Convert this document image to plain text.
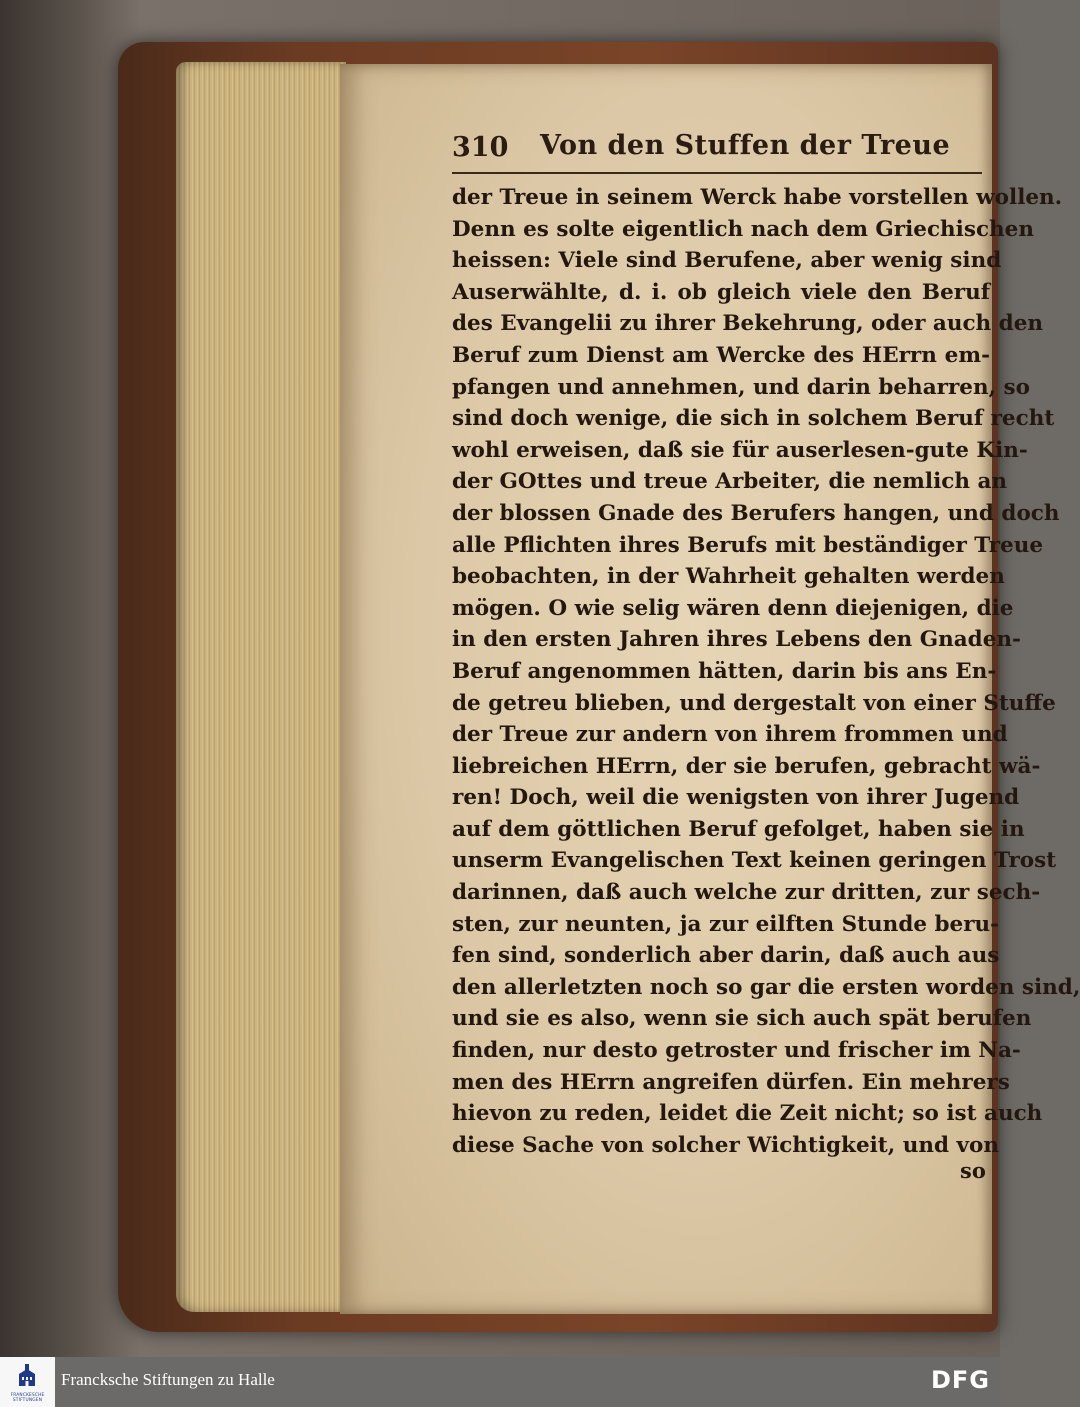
310 Von den Stuffen der Treue
der Treue in seinem Werck habe vorstellen wollen.
Denn es solte eigentlich nach dem Griechischen
heissen: Viele sind Berufene, aber wenig sind
Auserwählte, d. i. ob gleich viele den Beruf
des Evangelii zu ihrer Bekehrung, oder auch den
Beruf zum Dienst am Wercke des HErrn em-
pfangen und annehmen, und darin beharren, so
sind doch wenige, die sich in solchem Beruf recht
wohl erweisen, daß sie für auserlesen-gute Kin-
der GOttes und treue Arbeiter, die nemlich an
der blossen Gnade des Berufers hangen, und doch
alle Pflichten ihres Berufs mit beständiger Treue
beobachten, in der Wahrheit gehalten werden
mögen. O wie selig wären denn diejenigen, die
in den ersten Jahren ihres Lebens den Gnaden-
Beruf angenommen hätten, darin bis ans En-
de getreu blieben, und dergestalt von einer Stuffe
der Treue zur andern von ihrem frommen und
liebreichen HErrn, der sie berufen, gebracht wä-
ren! Doch, weil die wenigsten von ihrer Jugend
auf dem göttlichen Beruf gefolget, haben sie in
unserm Evangelischen Text keinen geringen Trost
darinnen, daß auch welche zur dritten, zur sech-
sten, zur neunten, ja zur eilften Stunde beru-
fen sind, sonderlich aber darin, daß auch aus
den allerletzten noch so gar die ersten worden sind,
und sie es also, wenn sie sich auch spät berufen
finden, nur desto getroster und frischer im Na-
men des HErrn angreifen dürfen. Ein mehrers
hievon zu reden, leidet die Zeit nicht; so ist auch
diese Sache von solcher Wichtigkeit, und von
so
FRANCKESCHE
STIFTUNGEN
Francksche Stiftungen zu Halle	DFG
